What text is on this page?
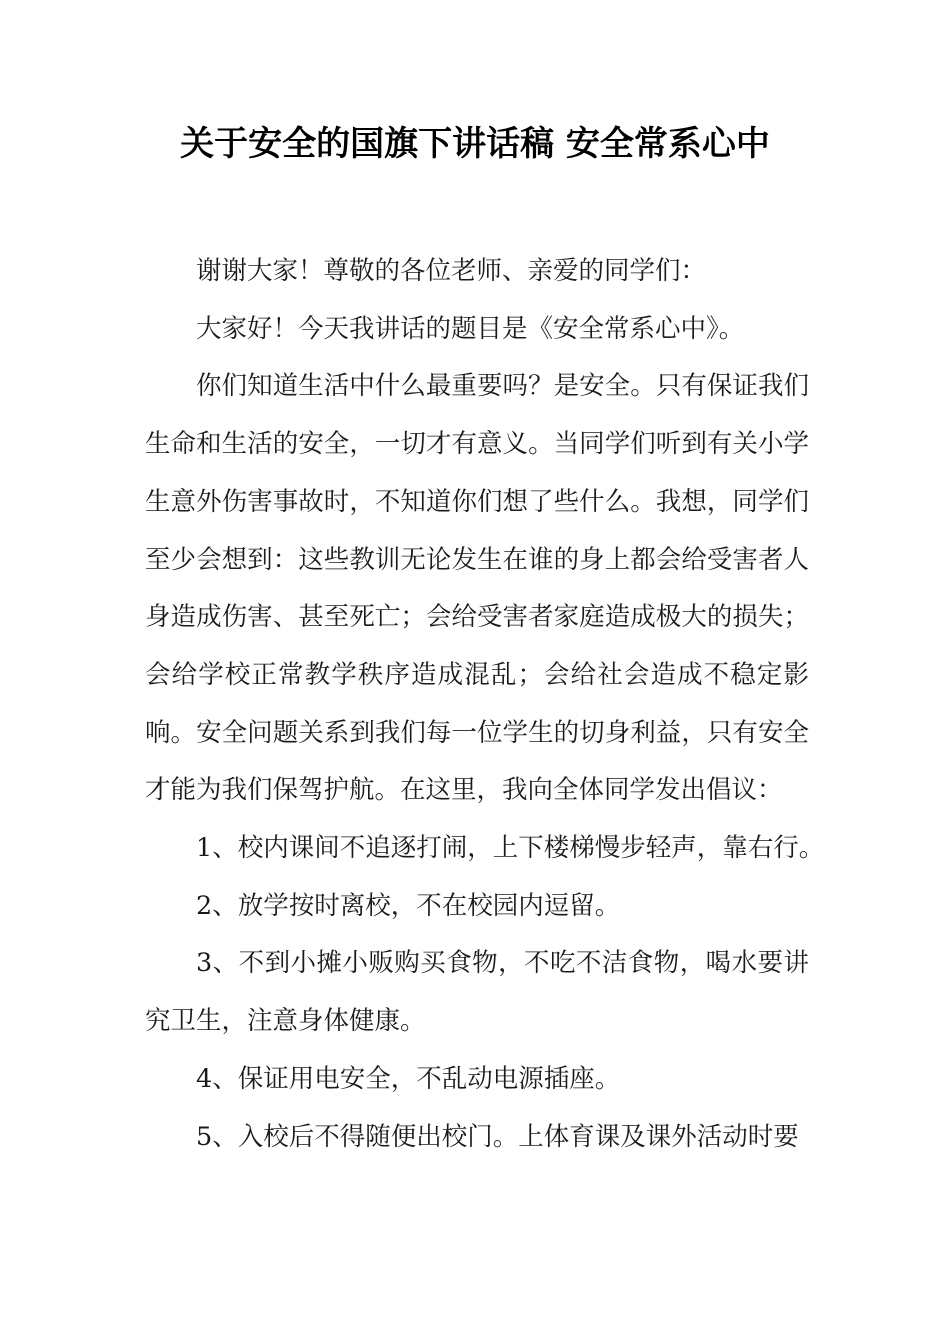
关于安全的国旗下讲话稿 安全常系心中

谢谢大家！尊敬的各位老师、亲爱的同学们：

大家好！今天我讲话的题目是《安全常系心中》。

你们知道生活中什么最重要吗？是安全。只有保证我们生命和生活的安全，一切才有意义。当同学们听到有关小学生意外伤害事故时，不知道你们想了些什么。我想，同学们至少会想到：这些教训无论发生在谁的身上都会给受害者人身造成伤害、甚至死亡；会给受害者家庭造成极大的损失；会给学校正常教学秩序造成混乱；会给社会造成不稳定影响。安全问题关系到我们每一位学生的切身利益，只有安全才能为我们保驾护航。在这里，我向全体同学发出倡议：

1、校内课间不追逐打闹，上下楼梯慢步轻声，靠右行。

2、放学按时离校，不在校园内逗留。

3、不到小摊小贩购买食物，不吃不洁食物，喝水要讲究卫生，注意身体健康。

4、保证用电安全，不乱动电源插座。

5、入校后不得随便出校门。上体育课及课外活动时要
